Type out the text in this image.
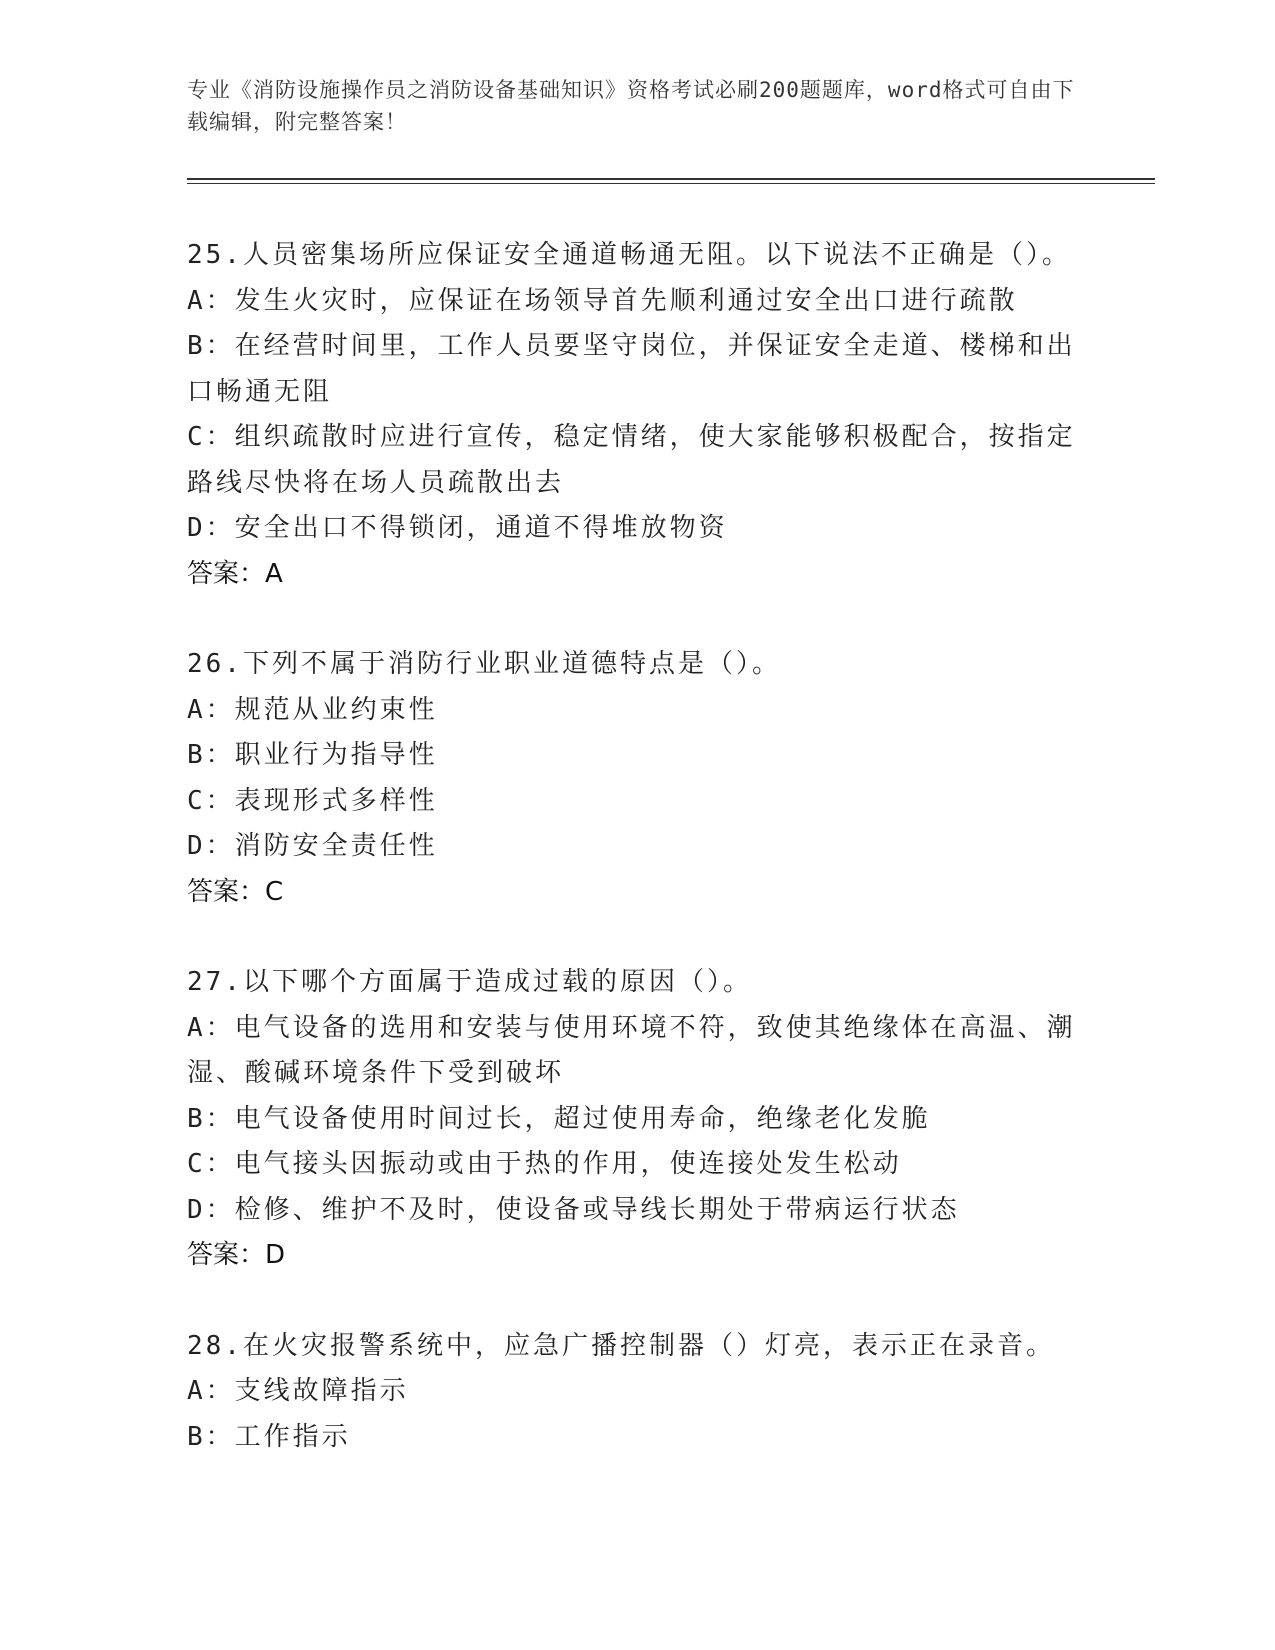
专业《消防设施操作员之消防设备基础知识》资格考试必刷200题题库，word格式可自由下载编辑，附完整答案！
25.人员密集场所应保证安全通道畅通无阻。以下说法不正确是（）。
A：发生火灾时，应保证在场领导首先顺利通过安全出口进行疏散
B：在经营时间里，工作人员要坚守岗位，并保证安全走道、楼梯和出口畅通无阻
C：组织疏散时应进行宣传，稳定情绪，使大家能够积极配合，按指定路线尽快将在场人员疏散出去
D：安全出口不得锁闭，通道不得堆放物资
答案：A
26.下列不属于消防行业职业道德特点是（）。
A：规范从业约束性
B：职业行为指导性
C：表现形式多样性
D：消防安全责任性
答案：C
27.以下哪个方面属于造成过载的原因（）。
A：电气设备的选用和安装与使用环境不符，致使其绝缘体在高温、潮湿、酸碱环境条件下受到破坏
B：电气设备使用时间过长，超过使用寿命，绝缘老化发脆
C：电气接头因振动或由于热的作用，使连接处发生松动
D：检修、维护不及时，使设备或导线长期处于带病运行状态
答案：D
28.在火灾报警系统中，应急广播控制器（）灯亮，表示正在录音。
A：支线故障指示
B：工作指示
